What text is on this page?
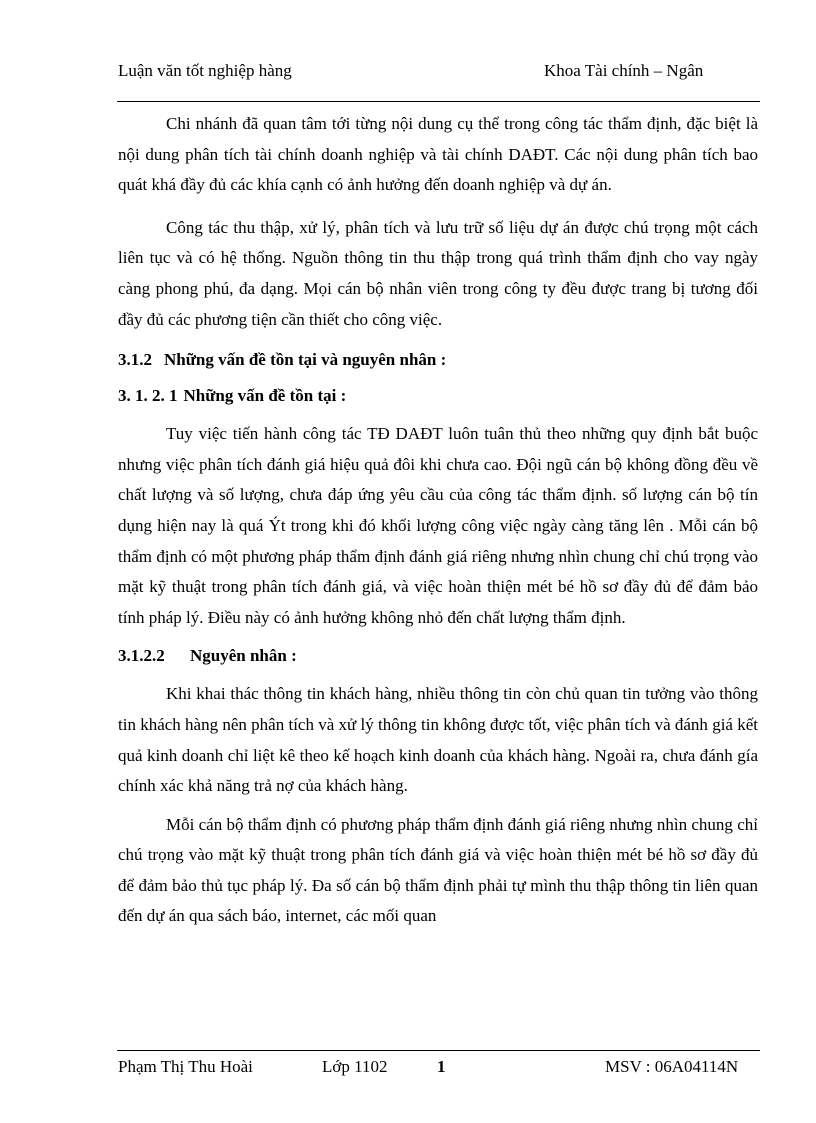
Luận văn tốt nghiệp hàng	Khoa Tài chính – Ngân

Chi nhánh đã quan tâm tới từng nội dung cụ thể trong công tác thẩm định, đặc biệt là nội dung phân tích tài chính doanh nghiệp và tài chính DAĐT. Các nội dung phân tích bao quát khá đầy đủ các khía cạnh có ảnh hưởng đến doanh nghiệp và dự án.

Công tác thu thập, xử lý, phân tích và lưu trữ số liệu dự án được chú trọng một cách liên tục và có hệ thống. Nguồn thông tin thu thập trong quá trình thẩm định cho vay ngày càng phong phú, đa dạng. Mọi cán bộ nhân viên trong công ty đều được trang bị tương đối đầy đủ các phương tiện cần thiết cho công việc.

3.1.2 Những vấn đề tồn tại và nguyên nhân :
3. 1. 2. 1 Những vấn đề tồn tại :

Tuy việc tiến hành công tác TĐ DAĐT luôn tuân thủ theo những quy định bắt buộc nhưng việc phân tích đánh giá hiệu quả đôi khi chưa cao. Đội ngũ cán bộ không đồng đều về chất lượng và số lượng, chưa đáp ứng yêu cầu của công tác thẩm định. số lượng cán bộ tín dụng hiện nay là quá Ýt trong khi đó khối lượng công việc ngày càng tăng lên . Mỗi cán bộ thẩm định có một phương pháp thẩm định đánh giá riêng nhưng nhìn chung chỉ chú trọng vào mặt kỹ thuật trong phân tích đánh giá, và việc hoàn thiện mét bé hồ sơ đầy đủ để đảm bảo tính pháp lý. Điều này có ảnh hưởng không nhỏ đến chất lượng thẩm định.

3.1.2.2 Nguyên nhân :

Khi khai thác thông tin khách hàng, nhiều thông tin còn chủ quan tin tưởng vào thông tin khách hàng nên phân tích và xử lý thông tin không được tốt, việc phân tích và đánh giá kết quả kinh doanh chỉ liệt kê theo kế hoạch kinh doanh của khách hàng. Ngoài ra, chưa đánh gía chính xác khả năng trả nợ của khách hàng.

Mỗi cán bộ thẩm định có phương pháp thẩm định đánh giá riêng nhưng nhìn chung chỉ chú trọng vào mặt kỹ thuật trong phân tích đánh giá và việc hoàn thiện mét bé hồ sơ đầy đủ để đảm bảo thủ tục pháp lý. Đa số cán bộ thẩm định phải tự mình thu thập thông tin liên quan đến dự án qua sách báo, internet, các mối quan

Phạm Thị Thu Hoài	Lớp 1102	1	MSV : 06A04114N
